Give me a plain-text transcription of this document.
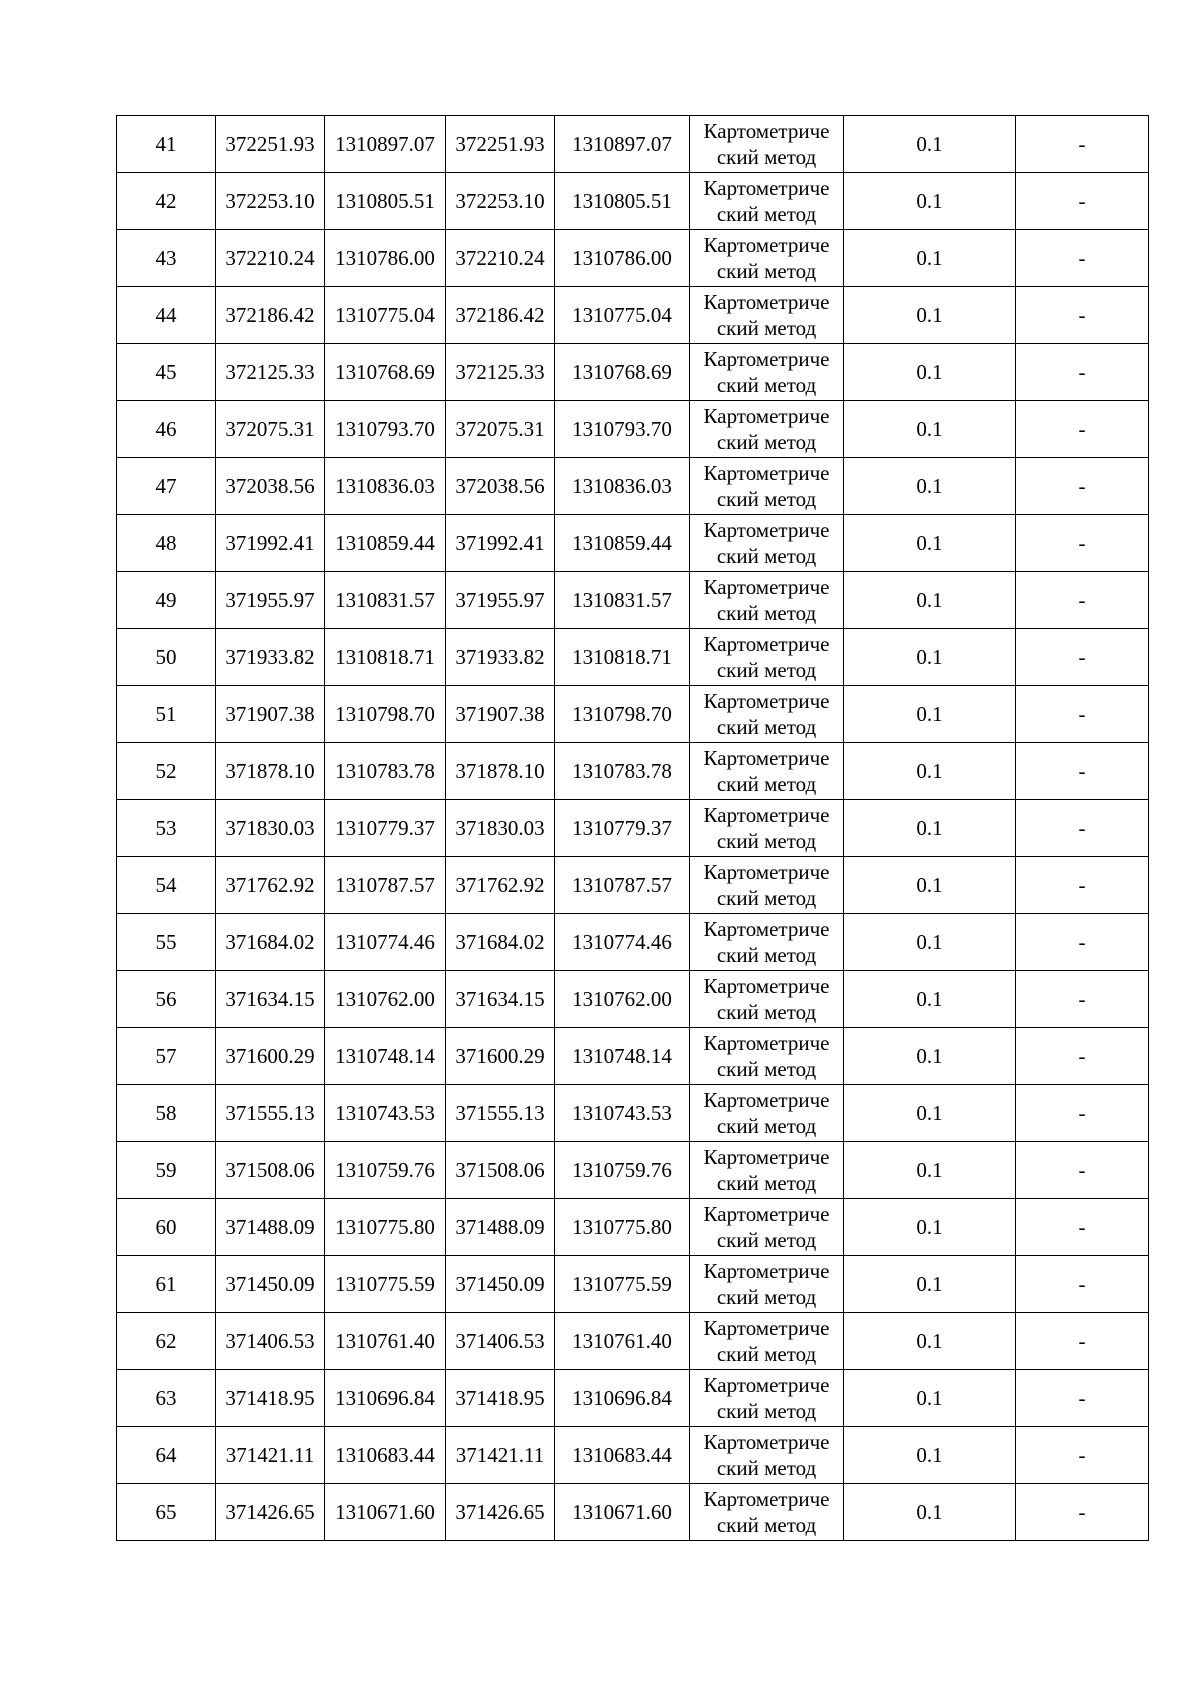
41	372251.93	1310897.07	372251.93	1310897.07	Картометриче
ский метод	0.1	-
42	372253.10	1310805.51	372253.10	1310805.51	Картометриче
ский метод	0.1	-
43	372210.24	1310786.00	372210.24	1310786.00	Картометриче
ский метод	0.1	-
44	372186.42	1310775.04	372186.42	1310775.04	Картометриче
ский метод	0.1	-
45	372125.33	1310768.69	372125.33	1310768.69	Картометриче
ский метод	0.1	-
46	372075.31	1310793.70	372075.31	1310793.70	Картометриче
ский метод	0.1	-
47	372038.56	1310836.03	372038.56	1310836.03	Картометриче
ский метод	0.1	-
48	371992.41	1310859.44	371992.41	1310859.44	Картометриче
ский метод	0.1	-
49	371955.97	1310831.57	371955.97	1310831.57	Картометриче
ский метод	0.1	-
50	371933.82	1310818.71	371933.82	1310818.71	Картометриче
ский метод	0.1	-
51	371907.38	1310798.70	371907.38	1310798.70	Картометриче
ский метод	0.1	-
52	371878.10	1310783.78	371878.10	1310783.78	Картометриче
ский метод	0.1	-
53	371830.03	1310779.37	371830.03	1310779.37	Картометриче
ский метод	0.1	-
54	371762.92	1310787.57	371762.92	1310787.57	Картометриче
ский метод	0.1	-
55	371684.02	1310774.46	371684.02	1310774.46	Картометриче
ский метод	0.1	-
56	371634.15	1310762.00	371634.15	1310762.00	Картометриче
ский метод	0.1	-
57	371600.29	1310748.14	371600.29	1310748.14	Картометриче
ский метод	0.1	-
58	371555.13	1310743.53	371555.13	1310743.53	Картометриче
ский метод	0.1	-
59	371508.06	1310759.76	371508.06	1310759.76	Картометриче
ский метод	0.1	-
60	371488.09	1310775.80	371488.09	1310775.80	Картометриче
ский метод	0.1	-
61	371450.09	1310775.59	371450.09	1310775.59	Картометриче
ский метод	0.1	-
62	371406.53	1310761.40	371406.53	1310761.40	Картометриче
ский метод	0.1	-
63	371418.95	1310696.84	371418.95	1310696.84	Картометриче
ский метод	0.1	-
64	371421.11	1310683.44	371421.11	1310683.44	Картометриче
ский метод	0.1	-
65	371426.65	1310671.60	371426.65	1310671.60	Картометриче
ский метод	0.1	-
